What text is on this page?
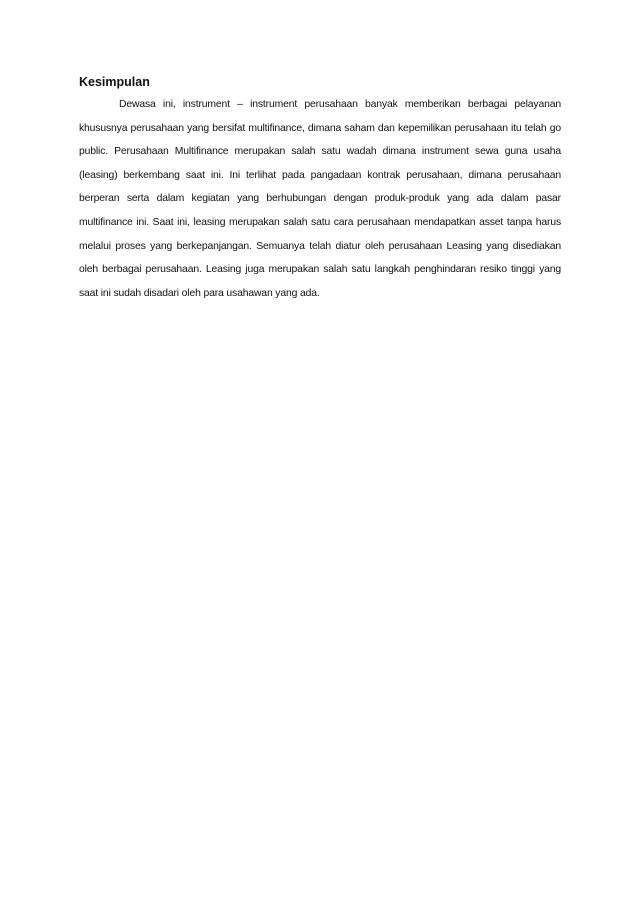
Kesimpulan

Dewasa ini, instrument – instrument perusahaan banyak memberikan berbagai pelayanan khususnya perusahaan yang bersifat multifinance, dimana saham dan kepemilikan perusahaan itu telah go public. Perusahaan Multifinance merupakan salah satu wadah dimana instrument sewa guna usaha (leasing) berkembang saat ini. Ini terlihat pada pangadaan kontrak perusahaan, dimana perusahaan berperan serta dalam kegiatan yang berhubungan dengan produk-produk yang ada dalam pasar multifinance ini. Saat ini, leasing merupakan salah satu cara perusahaan mendapatkan asset tanpa harus melalui proses yang berkepanjangan. Semuanya telah diatur oleh perusahaan Leasing yang disediakan oleh berbagai perusahaan. Leasing juga merupakan salah satu langkah penghindaran resiko tinggi yang saat ini sudah disadari oleh para usahawan yang ada.
